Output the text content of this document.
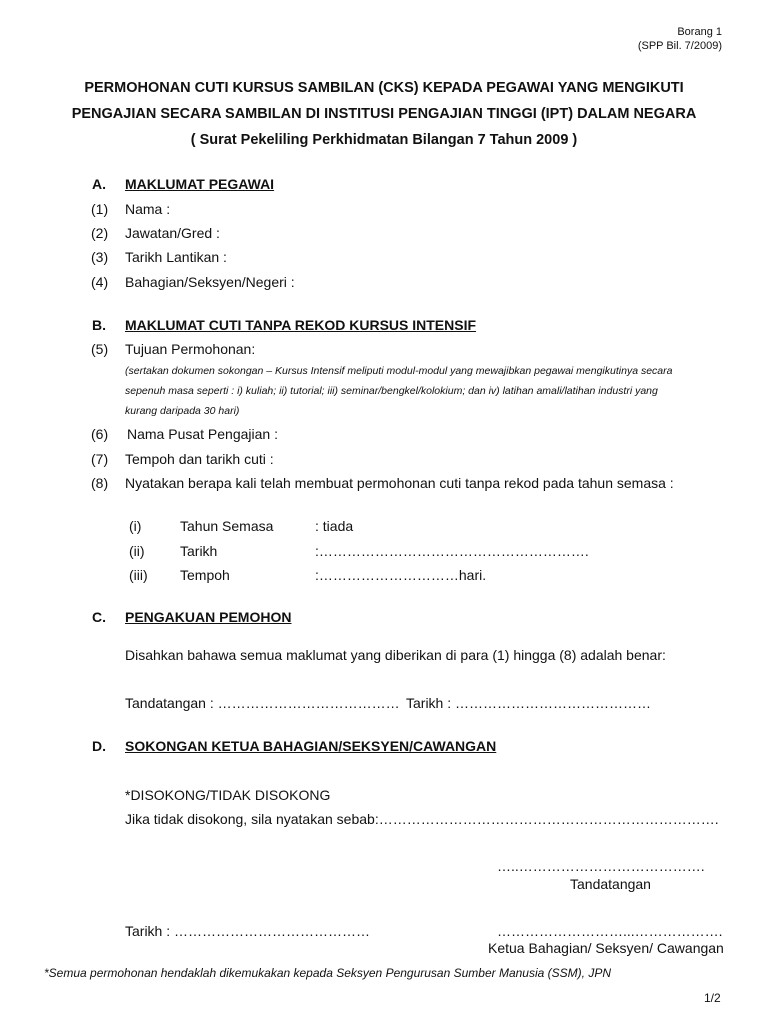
Borang 1
(SPP Bil. 7/2009)
PERMOHONAN CUTI KURSUS SAMBILAN (CKS) KEPADA PEGAWAI YANG MENGIKUTI
PENGAJIAN SECARA SAMBILAN DI INSTITUSI PENGAJIAN TINGGI (IPT) DALAM NEGARA
( Surat Pekeliling Perkhidmatan Bilangan 7 Tahun 2009 )
A. MAKLUMAT PEGAWAI
(1) Nama :
(2) Jawatan/Gred :
(3) Tarikh Lantikan :
(4) Bahagian/Seksyen/Negeri :
B. MAKLUMAT CUTI TANPA REKOD KURSUS INTENSIF
(5) Tujuan Permohonan:
(sertakan dokumen sokongan – Kursus Intensif meliputi modul-modul yang mewajibkan pegawai mengikutinya secara
sepenuh masa seperti : i) kuliah; ii) tutorial; iii) seminar/bengkel/kolokium; dan iv) latihan amali/latihan industri yang
kurang daripada 30 hari)
(6) Nama Pusat Pengajian :
(7) Tempoh dan tarikh cuti :
(8) Nyatakan berapa kali telah membuat permohonan cuti tanpa rekod pada tahun semasa :
(i)	Tahun Semasa	: tiada
(ii)	Tarikh	:………………………………………………….
(iii) Tempoh	:…………………………hari.
C. PENGAKUAN PEMOHON
Disahkan bahawa semua maklumat yang diberikan di para (1) hingga (8) adalah benar:
Tandatangan : ………………………………… Tarikh : ……………………………………
D. SOKONGAN KETUA BAHAGIAN/SEKSYEN/CAWANGAN
*DISOKONG/TIDAK DISOKONG
Jika tidak disokong, sila nyatakan sebab:……………………………………………………………….
…..………………………………….
Tandatangan
Tarikh : ……………………………………	………………………...……………….
Ketua Bahagian/ Seksyen/ Cawangan
*Semua permohonan hendaklah dikemukakan kepada Seksyen Pengurusan Sumber Manusia (SSM), JPN
1/2
